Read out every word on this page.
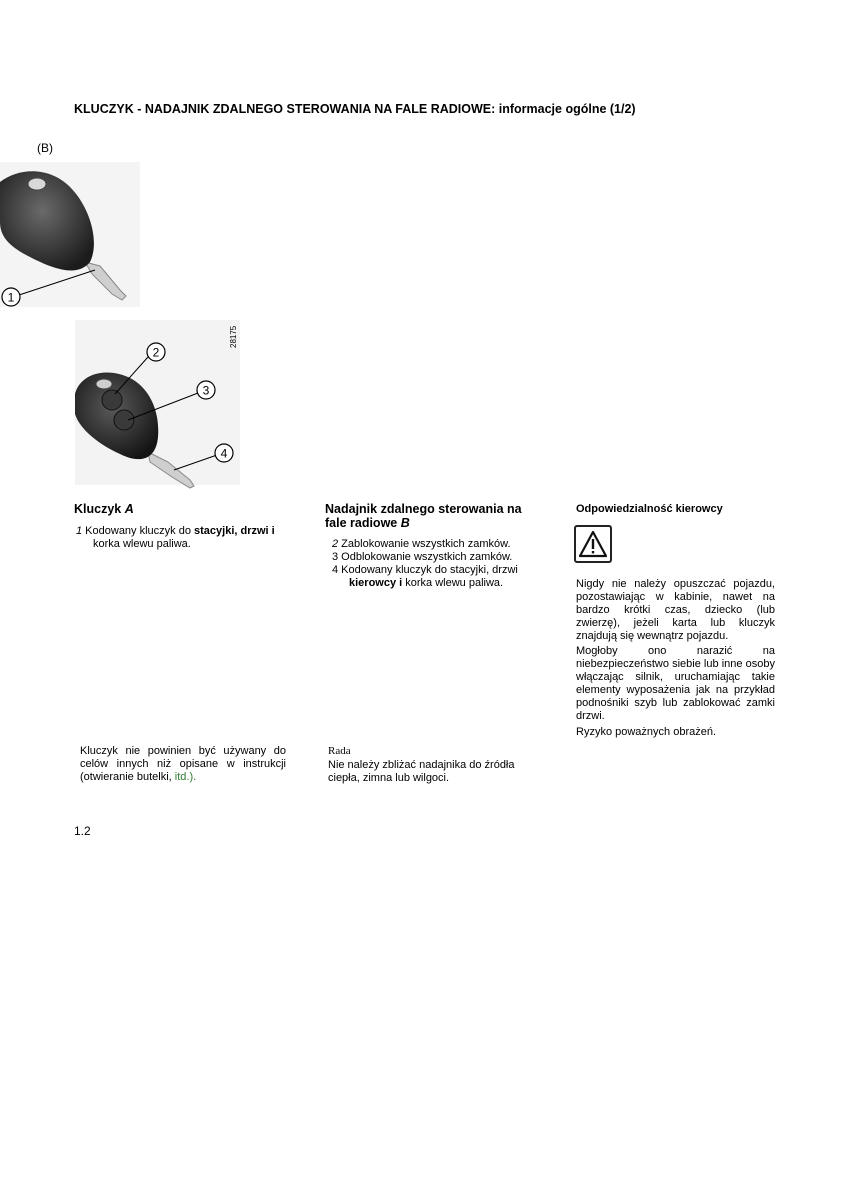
KLUCZYK - NADAJNIK ZDALNEGO STEROWANIA NA FALE RADIOWE: informacje ogólne (1/2)
(B)
1
2
3
4
28175
Kluczyk A
1 Kodowany kluczyk do stacyjki, drzwi i
korka wlewu paliwa.
Kluczyk nie powinien być używany do celów innych niż opisane w instrukcji (otwieranie butelki, itd.).
Nadajnik zdalnego sterowania na
fale radiowe B
2 Zablokowanie wszystkich zamków.
3 Odblokowanie wszystkich zamków.
4 Kodowany kluczyk do stacyjki, drzwi
kierowcy i korka wlewu paliwa.
Rada
Nie należy zbliżać nadajnika do źródła ciepła, zimna lub wilgoci.
Odpowiedzialność kierowcy
Nigdy nie należy opuszczać pojazdu, pozostawiając w kabinie, nawet na bardzo krótki czas, dziecko (lub zwierzę), jeżeli karta lub kluczyk znajdują się wewnątrz pojazdu.
Mogłoby ono narazić na niebezpieczeństwo siebie lub inne osoby włączając silnik, uruchamiając takie elementy wyposażenia jak na przykład podnośniki szyb lub zablokować zamki drzwi.
Ryzyko poważnych obrażeń.
1.2
